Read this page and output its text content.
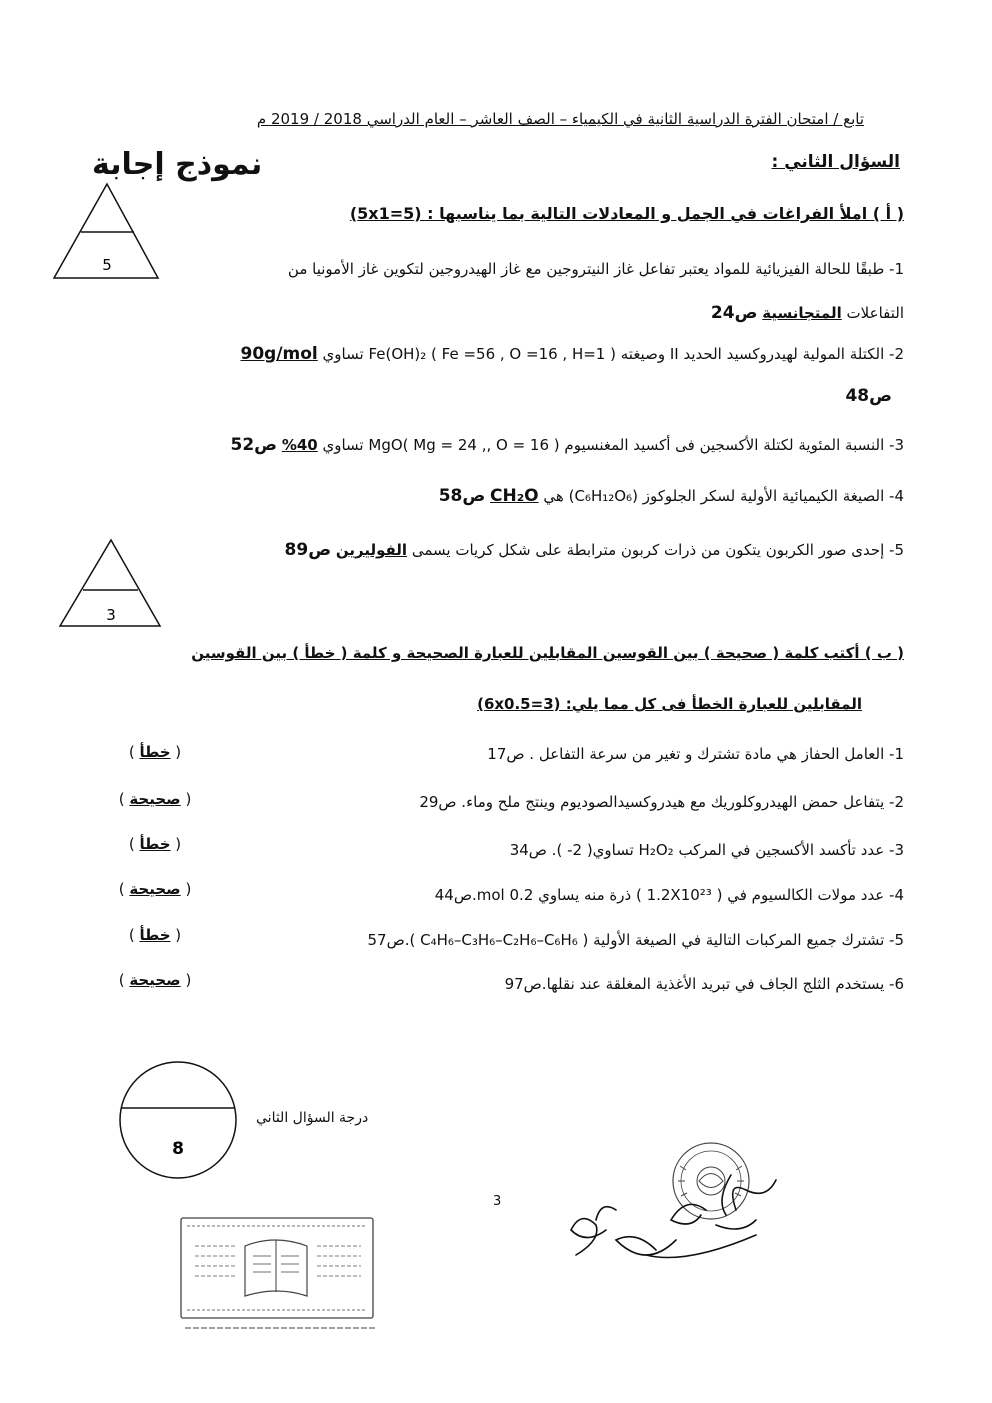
تابع / امتحان الفترة الدراسية الثانية في الكيمياء – الصف العاشر – العام الدراسي 2018 / 2019 م
نموذج إجابة	السؤال الثاني :
5
( أ ) املأ الفراغات في الجمل و المعادلات التالية بما يناسبها : (5x1=5)
1- طبقًا للحالة الفيزيائية للمواد يعتبر تفاعل غاز النيتروجين مع غاز الهيدروجين لتكوين غاز الأمونيا من
التفاعلات المتجانسية ص24
2- الكتلة المولية لهيدروكسيد الحديد II وصيغته Fe(OH)₂ ( Fe =56 , O =16 , H=1 ) تساوي 90g/mol
ص48
3- النسبة المئوية لكتلة الأكسجين فى أكسيد المغنسيوم MgO( Mg = 24 ,, O = 16 ) تساوي 40% ص52
4- الصيغة الكيميائية الأولية لسكر الجلوكوز (C₆H₁₂O₆) هي CH₂O ص58
3
5- إحدى صور الكربون يتكون من ذرات كربون مترابطة على شكل كريات يسمى الفوليرين ص89
( ب ) أكتب كلمة ( صحيحة ) بين القوسين المقابلين للعبارة الصحيحة و كلمة ( خطأ ) بين القوسين
المقابلين للعبارة الخطأ فى كل مما يلي: (6x0.5=3)
1- العامل الحفاز هي مادة تشترك و تغير من سرعة التفاعل . ص17
( خطأ )
2- يتفاعل حمض الهيدروكلوريك مع هيدروكسيدالصوديوم وينتج ملح وماء. ص29
( صحيحة )
3- عدد تأكسد الأكسجين في المركب H₂O₂ تساوي( 2- ). ص34
( خطأ )
4- عدد مولات الكالسيوم في ( 1.2X10²³ ) ذرة منه يساوي 0.2 mol.ص44
( صحيحة )
5- تشترك جميع المركبات التالية في الصيغة الأولية ( C₄H₆–C₃H₆–C₂H₆–C₆H₆ ).ص57
( خطأ )
6- يستخدم الثلج الجاف في تبريد الأغذية المغلقة عند نقلها.ص97
( صحيحة )
8
درجة السؤال الثاني
3
